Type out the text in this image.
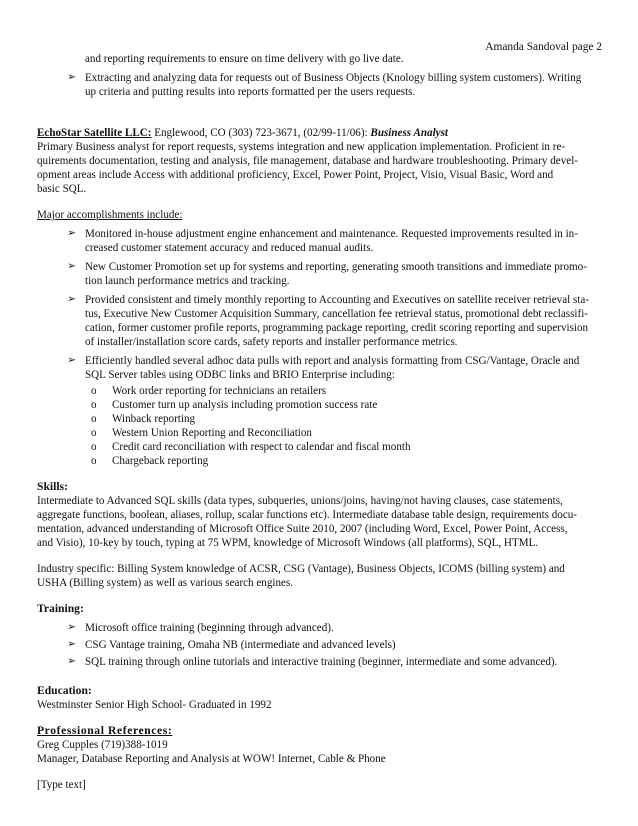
Amanda Sandoval page 2
and reporting requirements to ensure on time delivery with go live date.
➢ Extracting and analyzing data for requests out of Business Objects (Knology billing system customers). Writing
up criteria and putting results into reports formatted per the users requests.
EchoStar Satellite LLC: Englewood, CO (303) 723-3671, (02/99-11/06): Business Analyst
Primary Business analyst for report requests, systems integration and new application implementation. Proficient in re-
quirements documentation, testing and analysis, file management, database and hardware troubleshooting. Primary devel-
opment areas include Access with additional proficiency, Excel, Power Point, Project, Visio, Visual Basic, Word and
basic SQL.
Major accomplishments include:
➢ Monitored in-house adjustment engine enhancement and maintenance. Requested improvements resulted in in-
creased customer statement accuracy and reduced manual audits.
➢ New Customer Promotion set up for systems and reporting, generating smooth transitions and immediate promo-
tion launch performance metrics and tracking.
➢ Provided consistent and timely monthly reporting to Accounting and Executives on satellite receiver retrieval sta-
tus, Executive New Customer Acquisition Summary, cancellation fee retrieval status, promotional debt reclassifi-
cation, former customer profile reports, programming package reporting, credit scoring reporting and supervision
of installer/installation score cards, safety reports and installer performance metrics.
➢ Efficiently handled several adhoc data pulls with report and analysis formatting from CSG/Vantage, Oracle and
SQL Server tables using ODBC links and BRIO Enterprise including:
o	Work order reporting for technicians an retailers
o	Customer turn up analysis including promotion success rate
o	Winback reporting
o	Western Union Reporting and Reconciliation
o	Credit card reconciliation with respect to calendar and fiscal month
o	Chargeback reporting
Skills:
Intermediate to Advanced SQL skills (data types, subqueries, unions/joins, having/not having clauses, case statements,
aggregate functions, boolean, aliases, rollup, scalar functions etc). Intermediate database table design, requirements docu-
mentation, advanced understanding of Microsoft Office Suite 2010, 2007 (including Word, Excel, Power Point, Access,
and Visio), 10-key by touch, typing at 75 WPM, knowledge of Microsoft Windows (all platforms), SQL, HTML.
Industry specific: Billing System knowledge of ACSR, CSG (Vantage), Business Objects, ICOMS (billing system) and
USHA (Billing system) as well as various search engines.
Training:
➢ Microsoft office training (beginning through advanced).
➢ CSG Vantage training, Omaha NB (intermediate and advanced levels)
➢ SQL training through online tutorials and interactive training (beginner, intermediate and some advanced).
Education:
Westminster Senior High School- Graduated in 1992
Professional References:
Greg Cupples (719)388-1019
Manager, Database Reporting and Analysis at WOW! Internet, Cable & Phone
[Type text]
